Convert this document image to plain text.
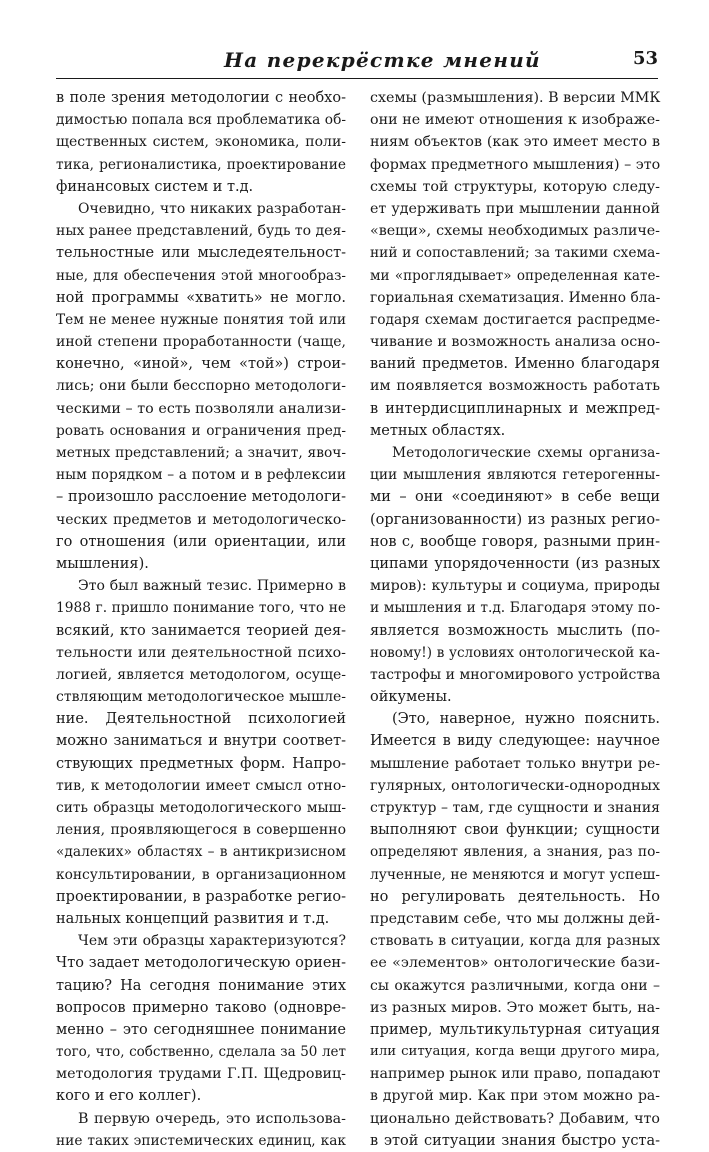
На перекрёстке мнений	53
в поле зрения методологии с необхо-
димостью попала вся проблематика об-
щественных систем, экономика, поли-
тика, регионалистика, проектирование
финансовых систем и т.д.
Очевидно, что никаких разработан-
ных ранее представлений, будь то дея-
тельностные или мыследеятельност-
ные, для обеспечения этой многообраз-
ной программы «хватить» не могло.
Тем не менее нужные понятия той или
иной степени проработанности (чаще,
конечно, «иной», чем «той») строи-
лись; они были бесспорно методологи-
ческими – то есть позволяли анализи-
ровать основания и ограничения пред-
метных представлений; а значит, явоч-
ным порядком – а потом и в рефлексии
– произошло расслоение методологи-
ческих предметов и методологическо-
го отношения (или ориентации, или
мышления).
Это был важный тезис. Примерно в
1988 г. пришло понимание того, что не
всякий, кто занимается теорией дея-
тельности или деятельностной психо-
логией, является методологом, осуще-
ствляющим методологическое мышле-
ние. Деятельностной психологией
можно заниматься и внутри соответ-
ствующих предметных форм. Напро-
тив, к методологии имеет смысл отно-
сить образцы методологического мыш-
ления, проявляющегося в совершенно
«далеких» областях – в антикризисном
консультировании, в организационном
проектировании, в разработке регио-
нальных концепций развития и т.д.
Чем эти образцы характеризуются?
Что задает методологическую ориен-
тацию? На сегодня понимание этих
вопросов примерно таково (одновре-
менно – это сегодняшнее понимание
того, что, собственно, сделала за 50 лет
методология трудами Г.П. Щедровиц-
кого и его коллег).
В первую очередь, это использова-
ние таких эпистемических единиц, как
схемы (размышления). В версии ММК
они не имеют отношения к изображе-
ниям объектов (как это имеет место в
формах предметного мышления) – это
схемы той структуры, которую следу-
ет удерживать при мышлении данной
«вещи», схемы необходимых различе-
ний и сопоставлений; за такими схема-
ми «проглядывает» определенная кате-
гориальная схематизация. Именно бла-
годаря схемам достигается распредме-
чивание и возможность анализа осно-
ваний предметов. Именно благодаря
им появляется возможность работать
в интердисциплинарных и межпред-
метных областях.
Методологические схемы организа-
ции мышления являются гетерогенны-
ми – они «соединяют» в себе вещи
(организованности) из разных регио-
нов с, вообще говоря, разными прин-
ципами упорядоченности (из разных
миров): культуры и социума, природы
и мышления и т.д. Благодаря этому по-
является возможность мыслить (по-
новому!) в условиях онтологической ка-
тастрофы и многомирового устройства
ойкумены.
(Это, наверное, нужно пояснить.
Имеется в виду следующее: научное
мышление работает только внутри ре-
гулярных, онтологически-однородных
структур – там, где сущности и знания
выполняют свои функции; сущности
определяют явления, а знания, раз по-
лученные, не меняются и могут успеш-
но регулировать деятельность. Но
представим себе, что мы должны дей-
ствовать в ситуации, когда для разных
ее «элементов» онтологические бази-
сы окажутся различными, когда они –
из разных миров. Это может быть, на-
пример, мультикультурная ситуация
или ситуация, когда вещи другого мира,
например рынок или право, попадают
в другой мир. Как при этом можно ра-
ционально действовать? Добавим, что
в этой ситуации знания быстро уста-
